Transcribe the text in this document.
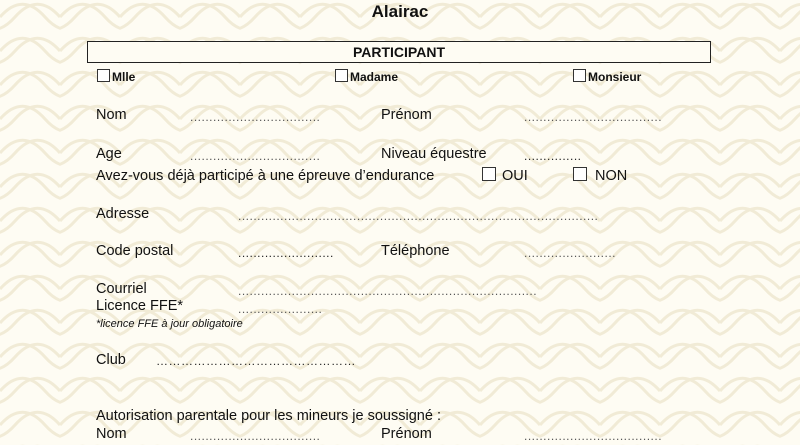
Alairac
PARTICIPANT
Mlle	Madame	Monsieur
Nom	..................................	Prénom	....................................
Age	..................................	Niveau équestre	...............
Avez-vous déjà participé à une épreuve d’endurance	OUI	NON
Adresse	..............................................................................................
Code postal	.........................	Téléphone	........................
Courriel	..............................................................................
Licence FFE*	......................
*licence FFE à jour obligatoire
Club	…………………………………………
Autorisation parentale pour les mineurs je soussigné :
Nom	..................................	Prénom	....................................
